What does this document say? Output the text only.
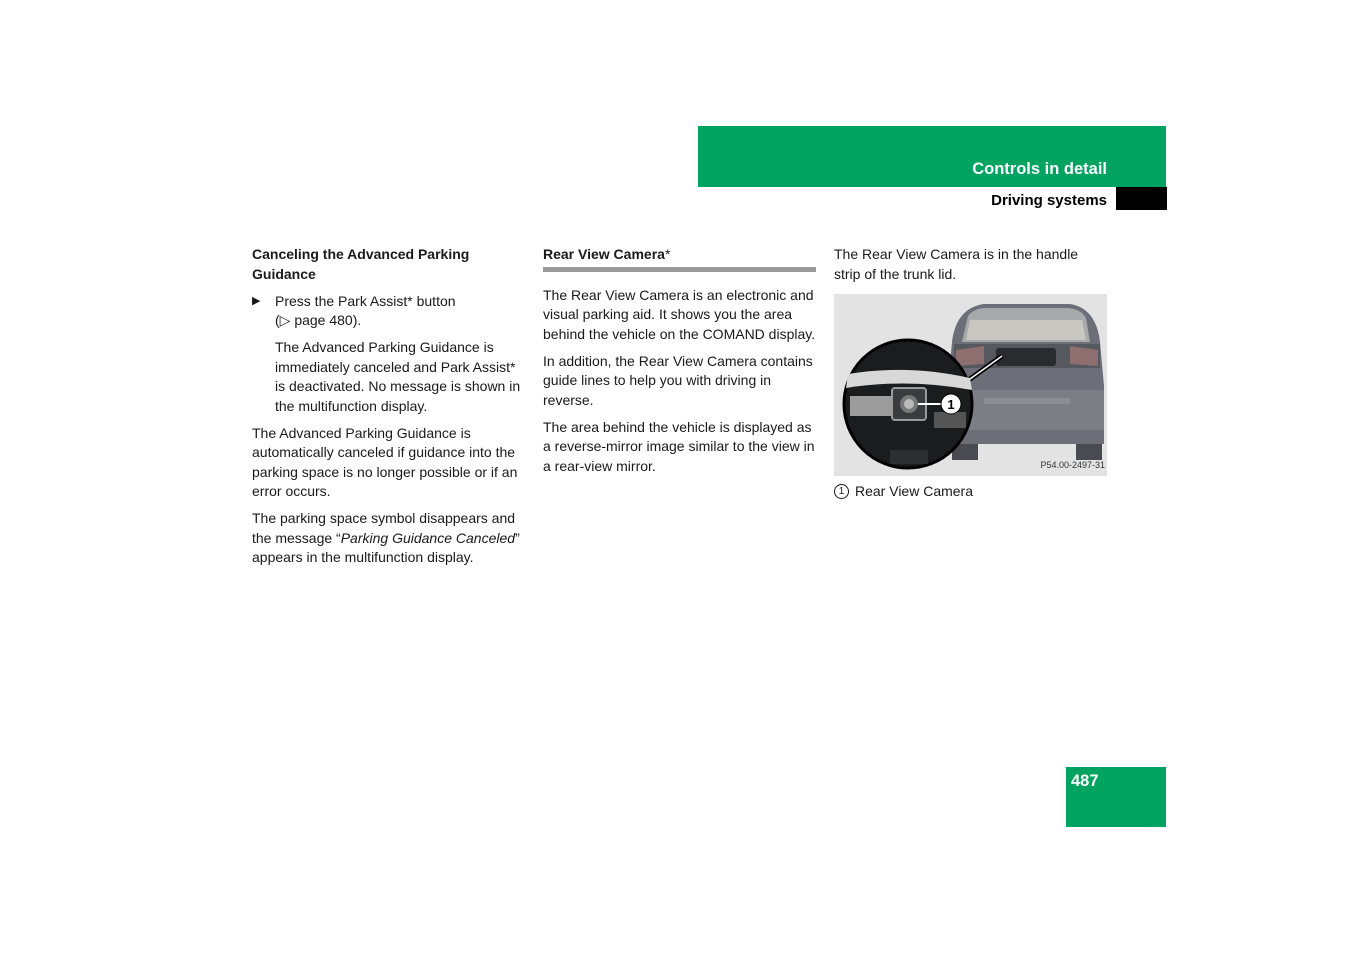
Controls in detail
Driving systems
Canceling the Advanced Parking Guidance
▶ Press the Park Assist* button
(▷ page 480).

The Advanced Parking Guidance is immediately canceled and Park Assist* is deactivated. No message is shown in the multifunction display.

The Advanced Parking Guidance is automatically canceled if guidance into the parking space is no longer possible or if an error occurs.

The parking space symbol disappears and the message “Parking Guidance Canceled” appears in the multifunction display.

Rear View Camera*

The Rear View Camera is an electronic and visual parking aid. It shows you the area behind the vehicle on the COMAND display.

In addition, the Rear View Camera contains guide lines to help you with driving in reverse.

The area behind the vehicle is displayed as a reverse-mirror image similar to the view in a rear-view mirror.

The Rear View Camera is in the handle strip of the trunk lid.

1
P54.00-2497-31
1 Rear View Camera
487
